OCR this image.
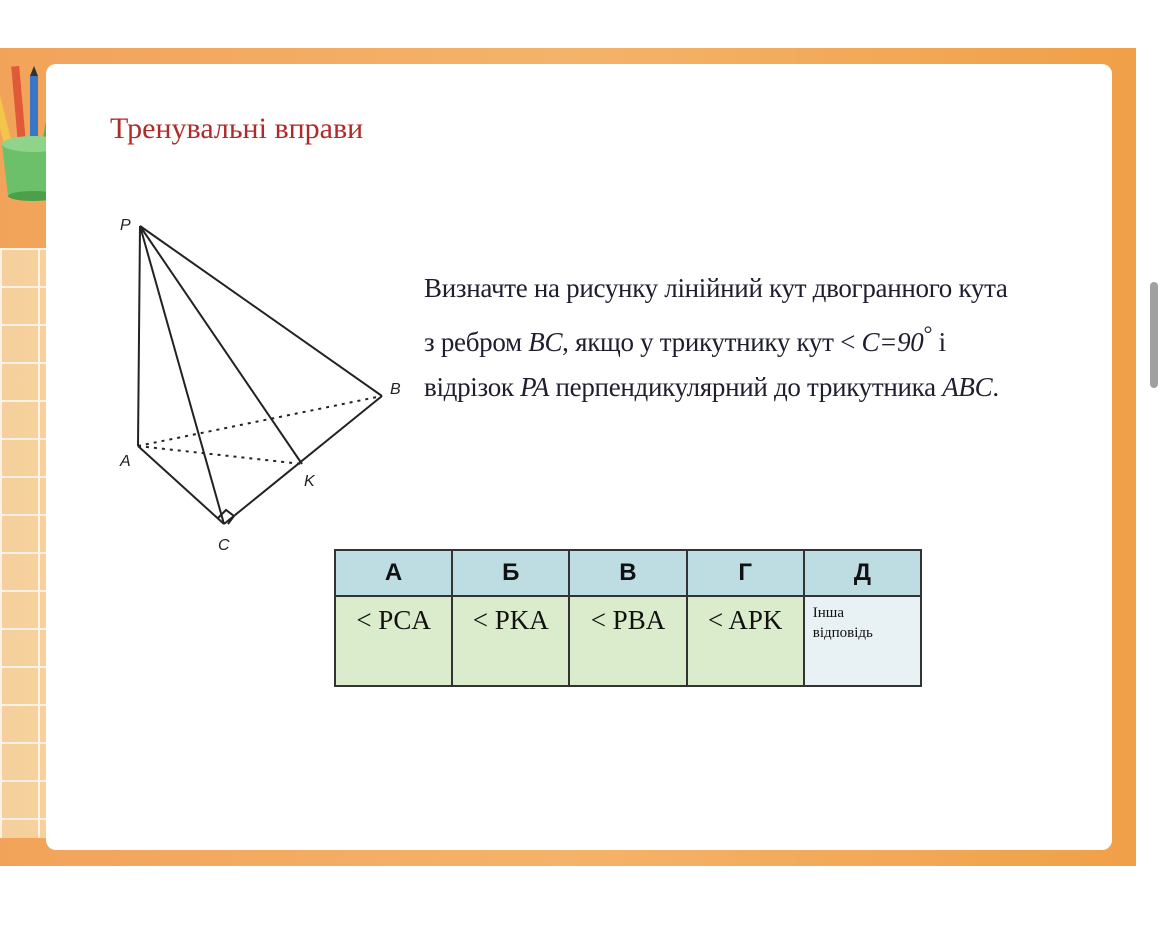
Тренувальні вправи
P
A
B
C
K

Визначте на рисунку лінійний кут двогранного кута
з ребром BC, якщо у трикутнику кут < C=90° і
відрізок PA перпендикулярний до трикутника ABC.

А	Б	В	Г	Д
< PCA	< PKA	< PBA	< APK	Інша
відповідь
